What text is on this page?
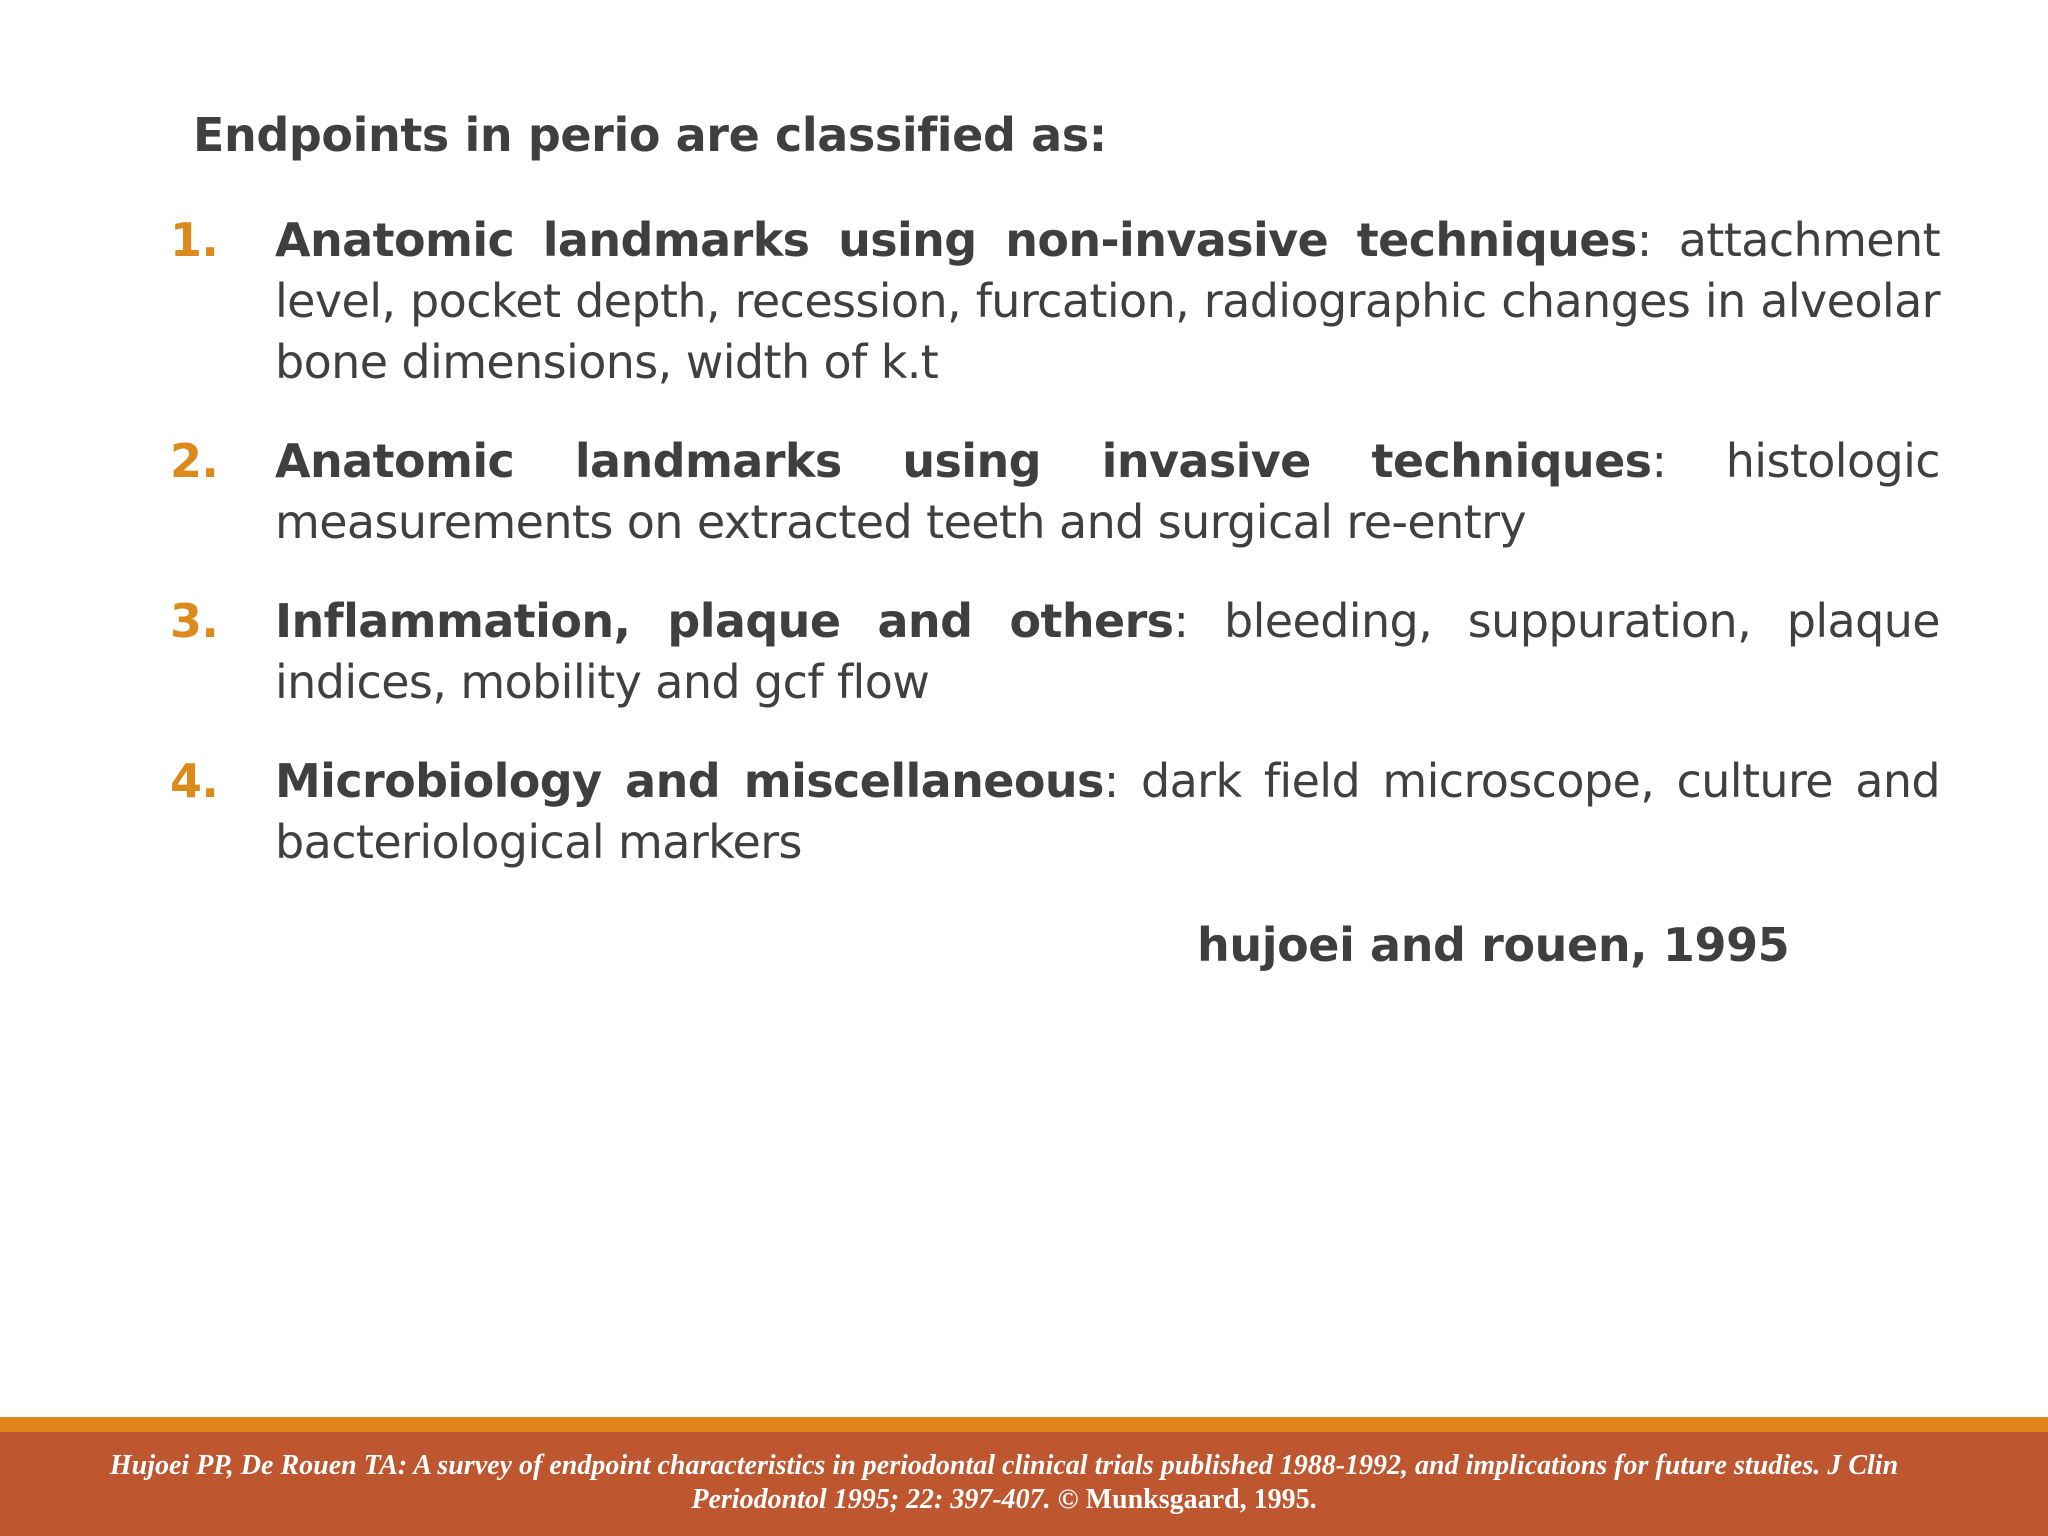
Endpoints in perio are classified as:
1. Anatomic landmarks using non-invasive techniques: attachment level, pocket depth, recession, furcation, radiographic changes in alveolar bone dimensions, width of k.t
2. Anatomic landmarks using invasive techniques: histologic measurements on extracted teeth and surgical re-entry
3. Inflammation, plaque and others: bleeding, suppuration, plaque indices, mobility and gcf flow
4. Microbiology and miscellaneous: dark field microscope, culture and bacteriological markers
hujoei and rouen, 1995

Hujoei PP, De Rouen TA: A survey of endpoint characteristics in periodontal clinical trials published 1988-1992, and implications for future studies. J Clin Periodontol 1995; 22: 397-407. © Munksgaard, 1995.
